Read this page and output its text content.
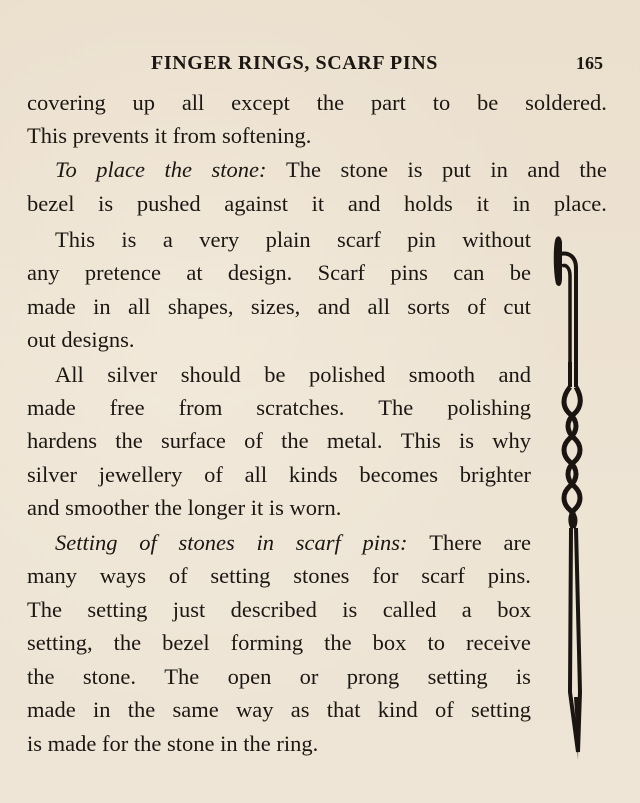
FINGER RINGS, SCARF PINS	165
covering up all except the part to be soldered.
This prevents it from softening.
To place the stone: The stone is put in and the
bezel is pushed against it and holds it in place.
This is a very plain scarf pin without
any pretence at design. Scarf pins can be
made in all shapes, sizes, and all sorts of cut
out designs.
All silver should be polished smooth and
made free from scratches. The polishing
hardens the surface of the metal. This is why
silver jewellery of all kinds becomes brighter
and smoother the longer it is worn.
Setting of stones in scarf pins: There are
many ways of setting stones for scarf pins.
The setting just described is called a box
setting, the bezel forming the box to receive
the stone. The open or prong setting is
made in the same way as that kind of setting
is made for the stone in the ring.
